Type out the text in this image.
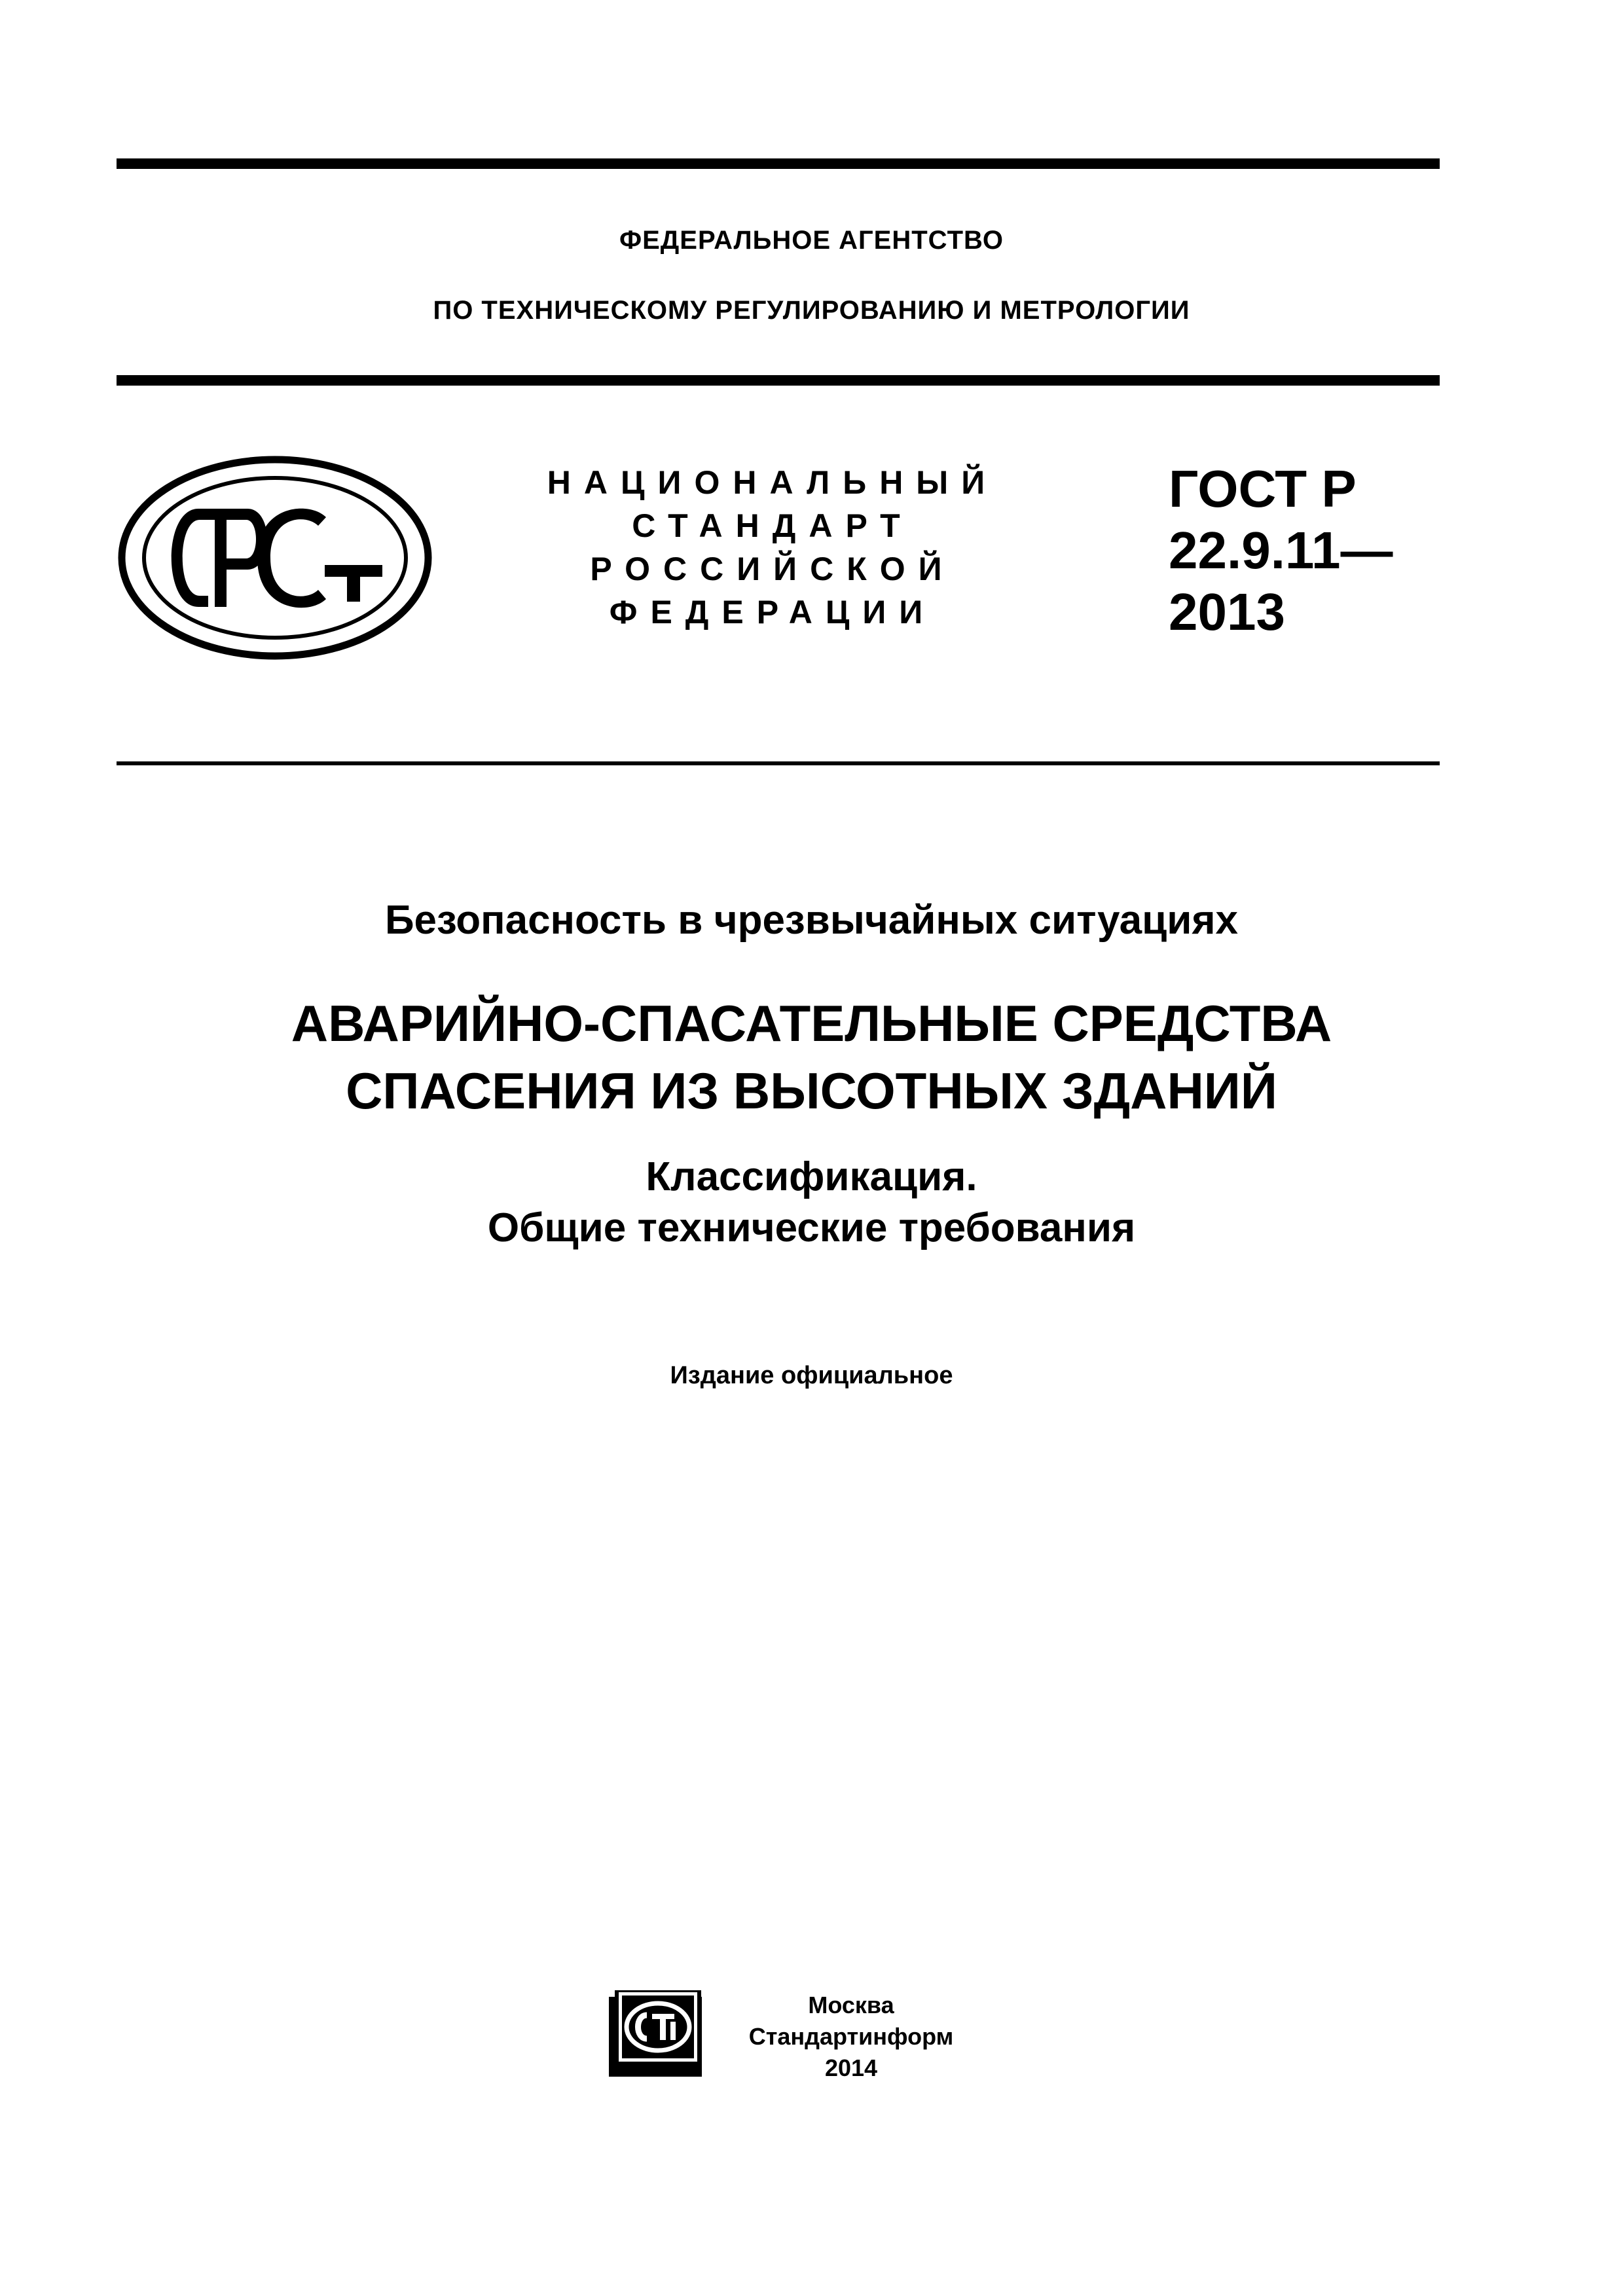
ФЕДЕРАЛЬНОЕ АГЕНТСТВО
ПО ТЕХНИЧЕСКОМУ РЕГУЛИРОВАНИЮ И МЕТРОЛОГИИ
НАЦИОНАЛЬНЫЙ
СТАНДАРТ
РОССИЙСКОЙ
ФЕДЕРАЦИИ
ГОСТ Р
22.9.11—
2013
Безопасность в чрезвычайных ситуациях
АВАРИЙНО-СПАСАТЕЛЬНЫЕ СРЕДСТВА
СПАСЕНИЯ ИЗ ВЫСОТНЫХ ЗДАНИЙ
Классификация.
Общие технические требования
Издание официальное
Москва
Стандартинформ
2014
